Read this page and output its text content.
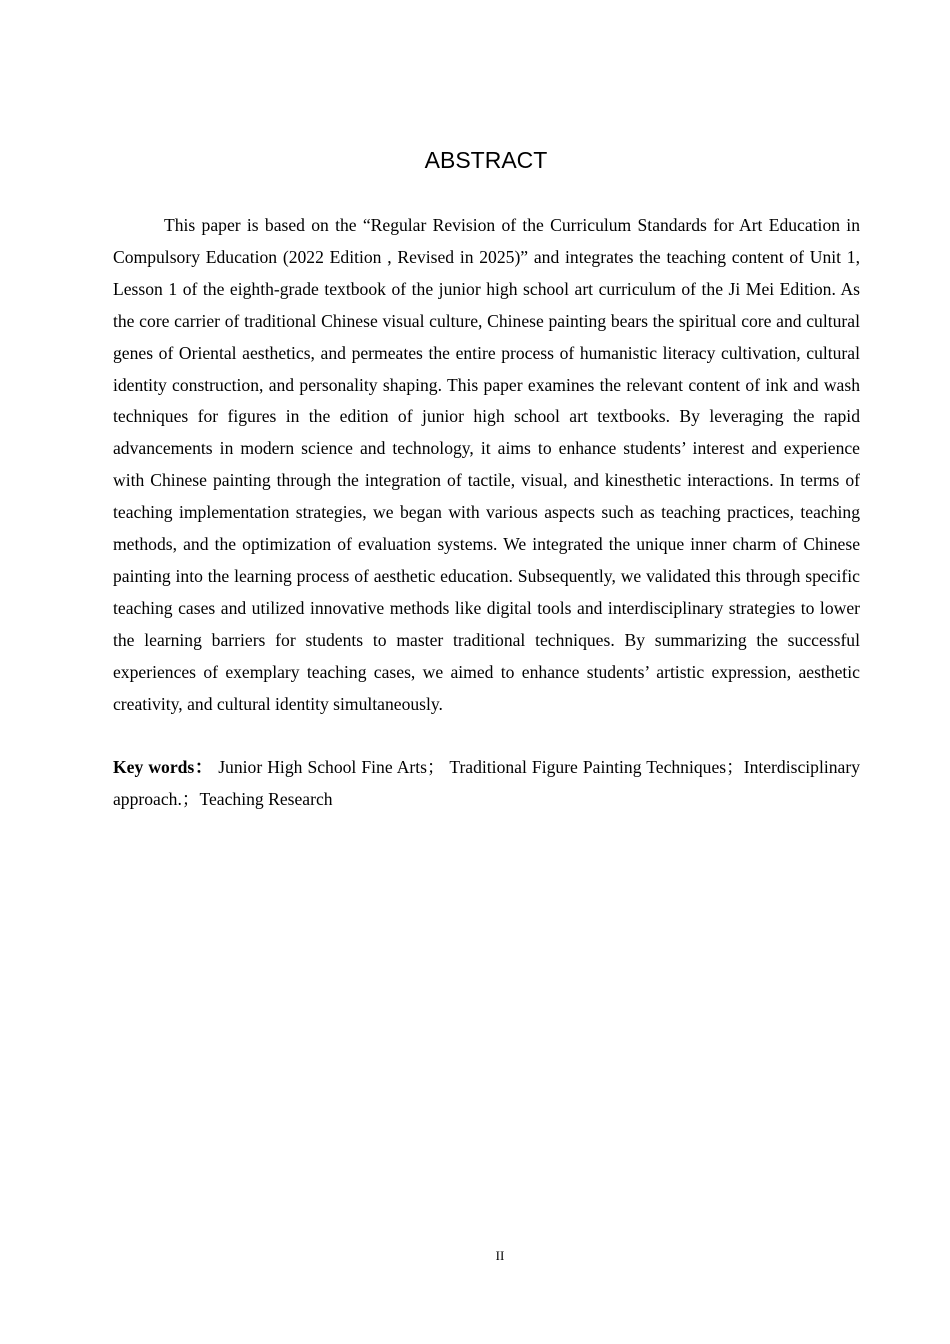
ABSTRACT

This paper is based on the “Regular Revision of the Curriculum Standards for Art Education in Compulsory Education (2022 Edition , Revised in 2025)” and integrates the teaching content of Unit 1, Lesson 1 of the eighth-grade textbook of the junior high school art curriculum of the Ji Mei Edition. As the core carrier of traditional Chinese visual culture, Chinese painting bears the spiritual core and cultural genes of Oriental aesthetics, and permeates the entire process of humanistic literacy cultivation, cultural identity construction, and personality shaping. This paper examines the relevant content of ink and wash techniques for figures in the edition of junior high school art textbooks. By leveraging the rapid advancements in modern science and technology, it aims to enhance students’ interest and experience with Chinese painting through the integration of tactile, visual, and kinesthetic interactions. In terms of teaching implementation strategies, we began with various aspects such as teaching practices, teaching methods, and the optimization of evaluation systems. We integrated the unique inner charm of Chinese painting into the learning process of aesthetic education. Subsequently, we validated this through specific teaching cases and utilized innovative methods like digital tools and interdisciplinary strategies to lower the learning barriers for students to master traditional techniques. By summarizing the successful experiences of exemplary teaching cases, we aimed to enhance students’ artistic expression, aesthetic creativity, and cultural identity simultaneously.

Key words： Junior High School Fine Arts； Traditional Figure Painting Techniques；Interdisciplinary approach.；Teaching Research

II
